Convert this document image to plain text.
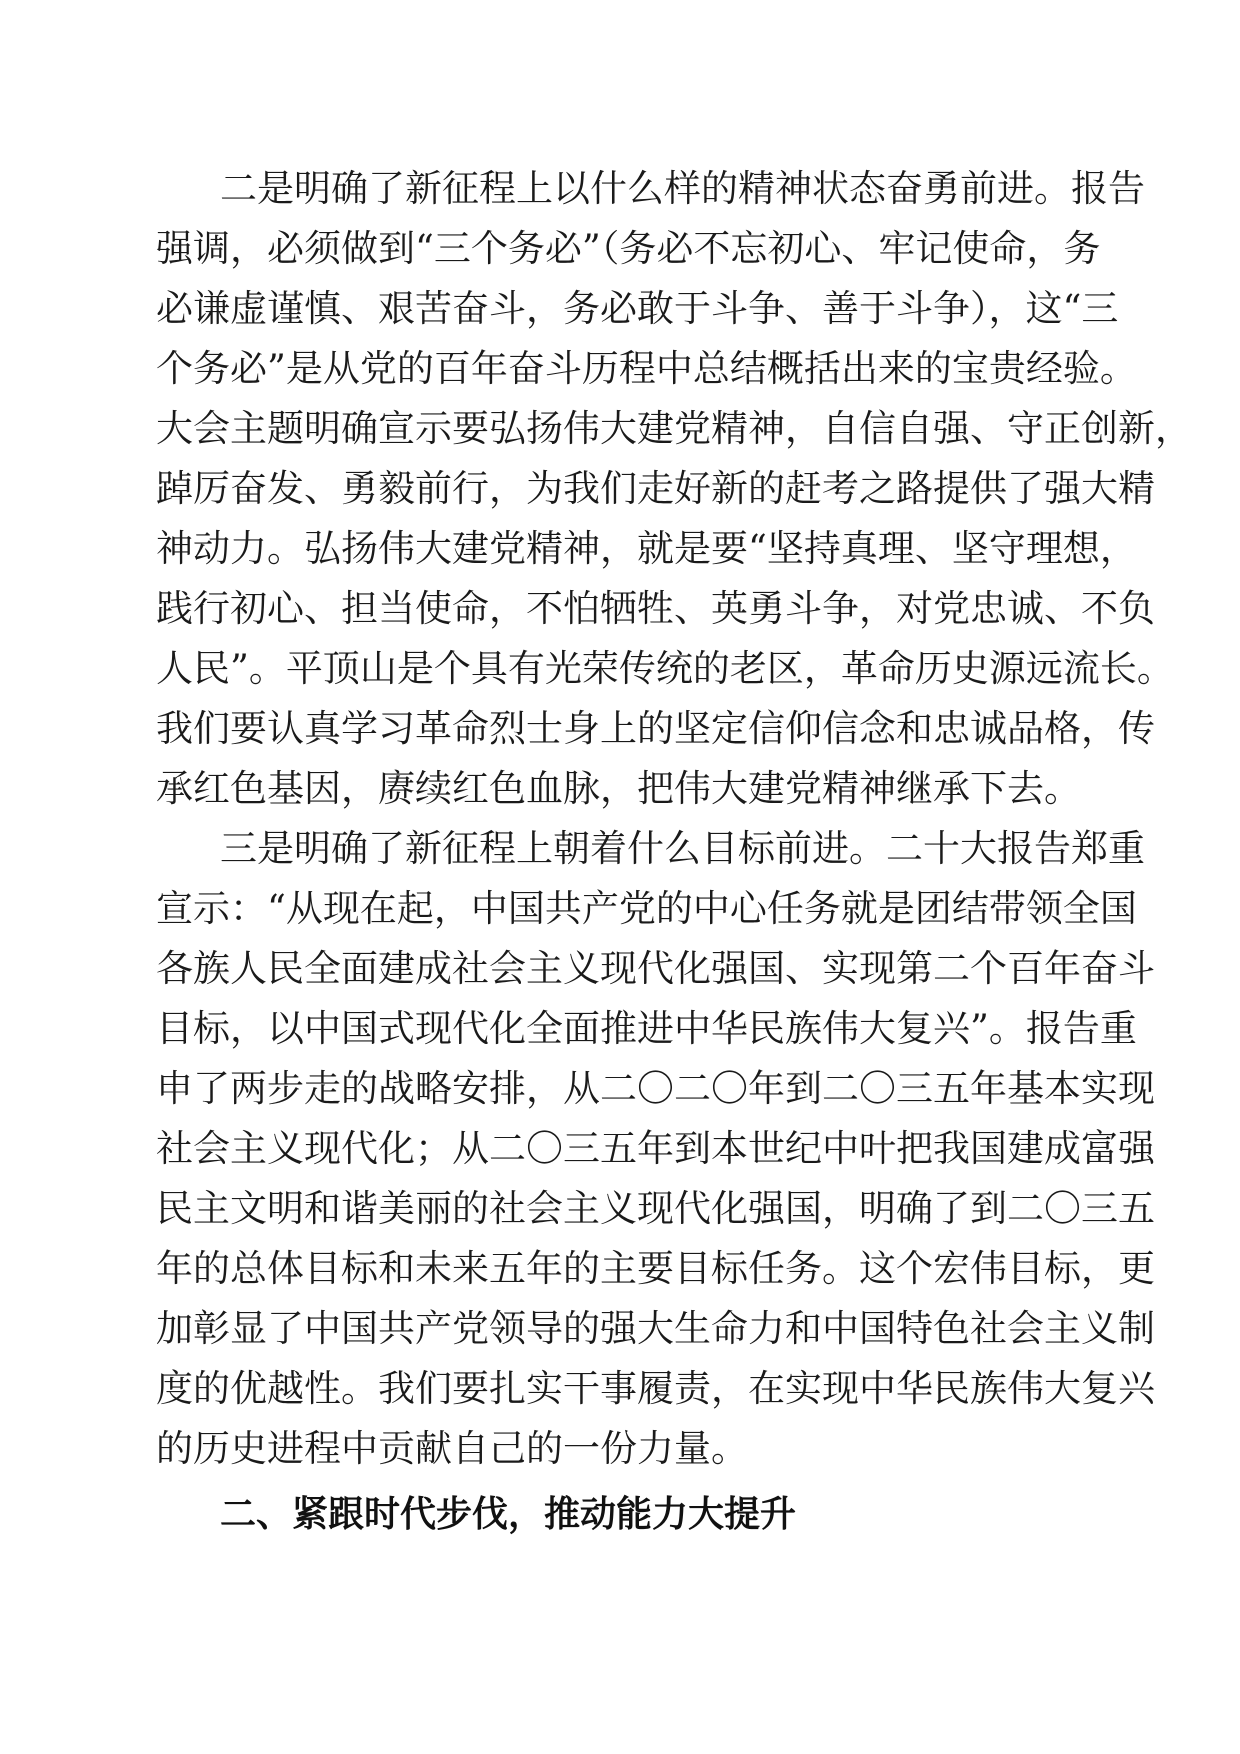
二是明确了新征程上以什么样的精神状态奋勇前进。报告
强调，必须做到“三个务必”（务必不忘初心、牢记使命，务
必谦虚谨慎、艰苦奋斗，务必敢于斗争、善于斗争），这“三
个务必”是从党的百年奋斗历程中总结概括出来的宝贵经验。
大会主题明确宣示要弘扬伟大建党精神，自信自强、守正创新，
踔厉奋发、勇毅前行，为我们走好新的赶考之路提供了强大精
神动力。弘扬伟大建党精神，就是要“坚持真理、坚守理想，
践行初心、担当使命，不怕牺牲、英勇斗争，对党忠诚、不负
人民”。平顶山是个具有光荣传统的老区，革命历史源远流长。
我们要认真学习革命烈士身上的坚定信仰信念和忠诚品格，传
承红色基因，赓续红色血脉，把伟大建党精神继承下去。
三是明确了新征程上朝着什么目标前进。二十大报告郑重
宣示：“从现在起，中国共产党的中心任务就是团结带领全国
各族人民全面建成社会主义现代化强国、实现第二个百年奋斗
目标，以中国式现代化全面推进中华民族伟大复兴”。报告重
申了两步走的战略安排，从二〇二〇年到二〇三五年基本实现
社会主义现代化；从二〇三五年到本世纪中叶把我国建成富强
民主文明和谐美丽的社会主义现代化强国，明确了到二〇三五
年的总体目标和未来五年的主要目标任务。这个宏伟目标，更
加彰显了中国共产党领导的强大生命力和中国特色社会主义制
度的优越性。我们要扎实干事履责，在实现中华民族伟大复兴
的历史进程中贡献自己的一份力量。
二、紧跟时代步伐，推动能力大提升
